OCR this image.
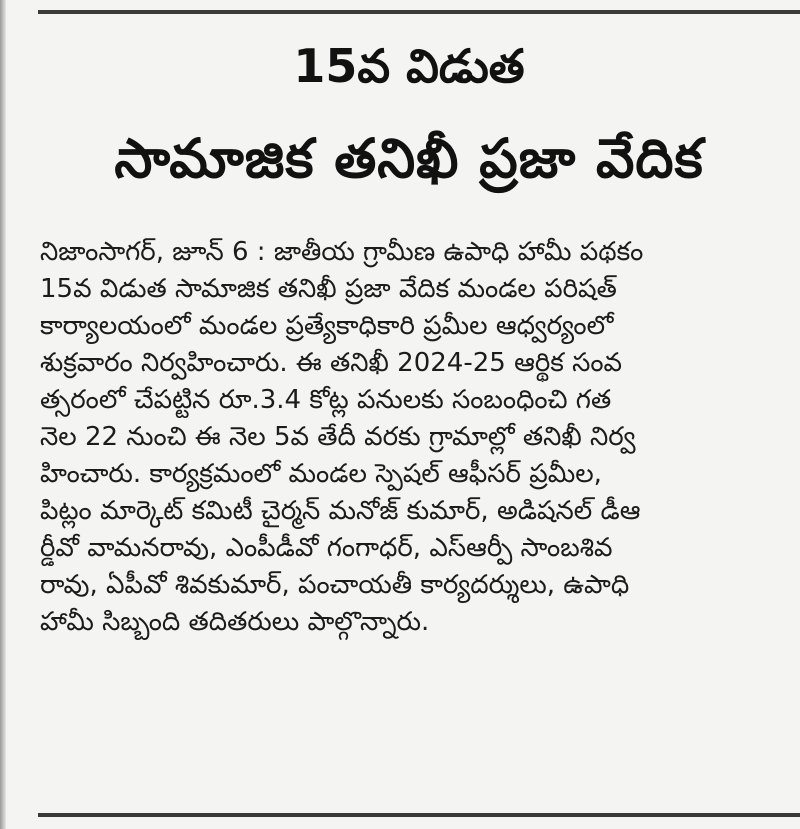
15వ విడుత
సామాజిక తనిఖీ ప్రజా వేదిక
నిజాంసాగర్, జూన్ 6 : జాతీయ గ్రామీణ ఉపాధి హామీ పథకం
15వ విడుత సామాజిక తనిఖీ ప్రజా వేదిక మండల పరిషత్
కార్యాలయంలో మండల ప్రత్యేకాధికారి ప్రమీల ఆధ్వర్యంలో
శుక్రవారం నిర్వహించారు. ఈ తనిఖీ 2024-25 ఆర్థిక సంవ
త్సరంలో చేపట్టిన రూ.3.4 కోట్ల పనులకు సంబంధించి గత
నెల 22 నుంచి ఈ నెల 5వ తేదీ వరకు గ్రామాల్లో తనిఖీ నిర్వ
హించారు. కార్యక్రమంలో మండల స్పెషల్ ఆఫీసర్ ప్రమీల,
పిట్లం మార్కెట్ కమిటీ చైర్మన్ మనోజ్ కుమార్, అడిషనల్ డీఆ
ర్డీవో వామనరావు, ఎంపీడీవో గంగాధర్, ఎస్ఆర్పీ సాంబశివ
రావు, ఏపీవో శివకుమార్, పంచాయతీ కార్యదర్శులు, ఉపాధి
హామీ సిబ్బంది తదితరులు పాల్గొన్నారు.
